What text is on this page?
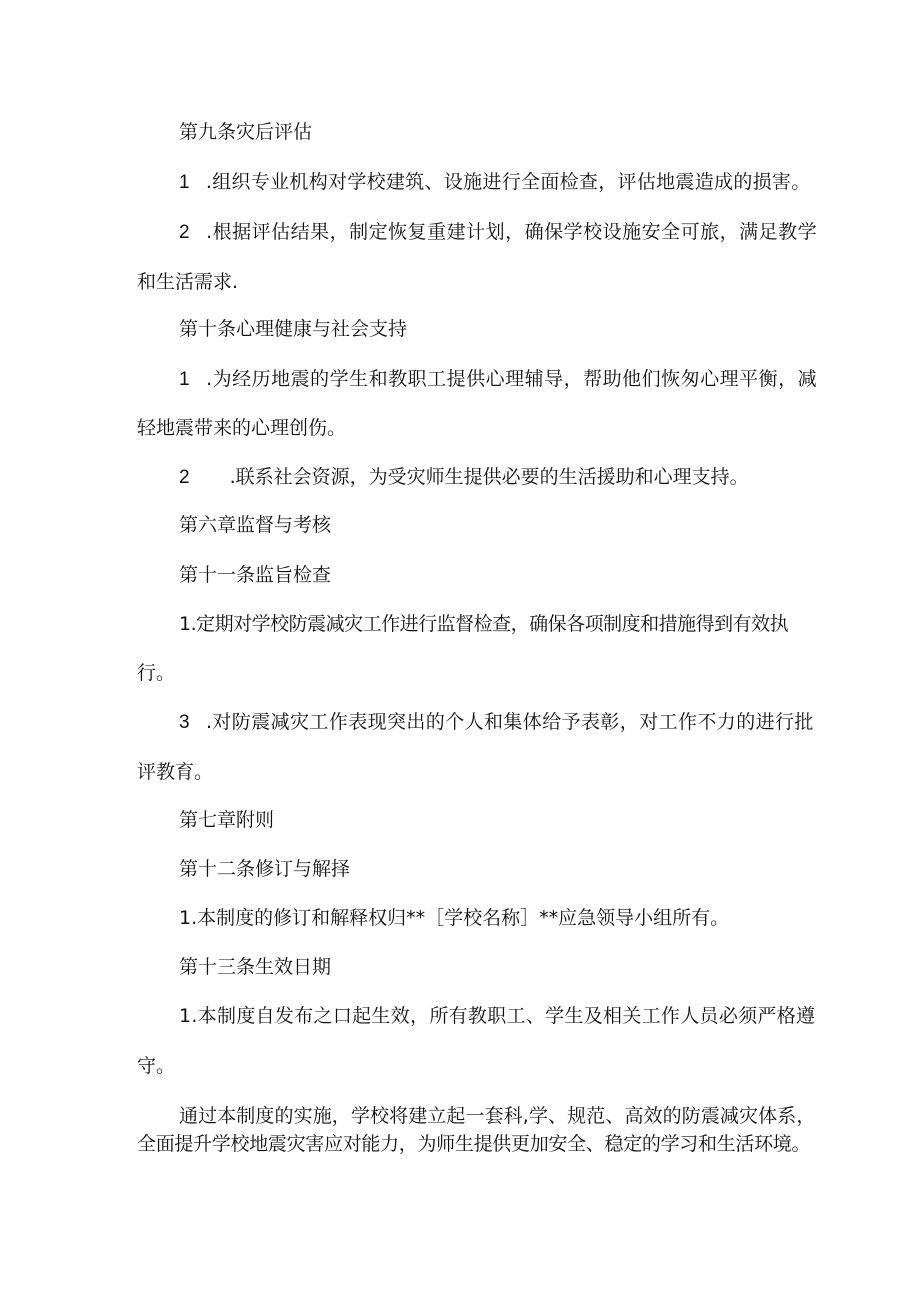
第九条灾后评估
1 .组织专业机构对学校建筑、设施进行全面检查，评估地震造成的损害。
2 .根据评估结果，制定恢复重建计划，确保学校设施安全可旅，满足教学
和生活需求.
第十条心理健康与社会支持
1 .为经历地震的学生和教职工提供心理辅导，帮助他们恢匆心理平衡，减
轻地震带来的心理创伤。
2 .联系社会资源，为受灾师生提供必要的生活援助和心理支持。
第六章监督与考核
第十一条监旨检查
1.定期对学校防震减灾工作进行监督检查，确保各项制度和措施得到有效执
行。
3 .对防震减灾工作表现突出的个人和集体给予表彰，对工作不力的进行批
评教育。
第七章附则
第十二条修订与解择
1.本制度的修订和解释权归**［学校名称］**应急领导小组所有。
第十三条生效日期
1.本制度自发布之口起生效，所有教职工、学生及相关工作人员必须严格遵
守。
通过本制度的实施，学校将建立起一套科,学、规范、高效的防震减灾体系，
全面提升学校地震灾害应对能力，为师生提供更加安全、稳定的学习和生活环境。
